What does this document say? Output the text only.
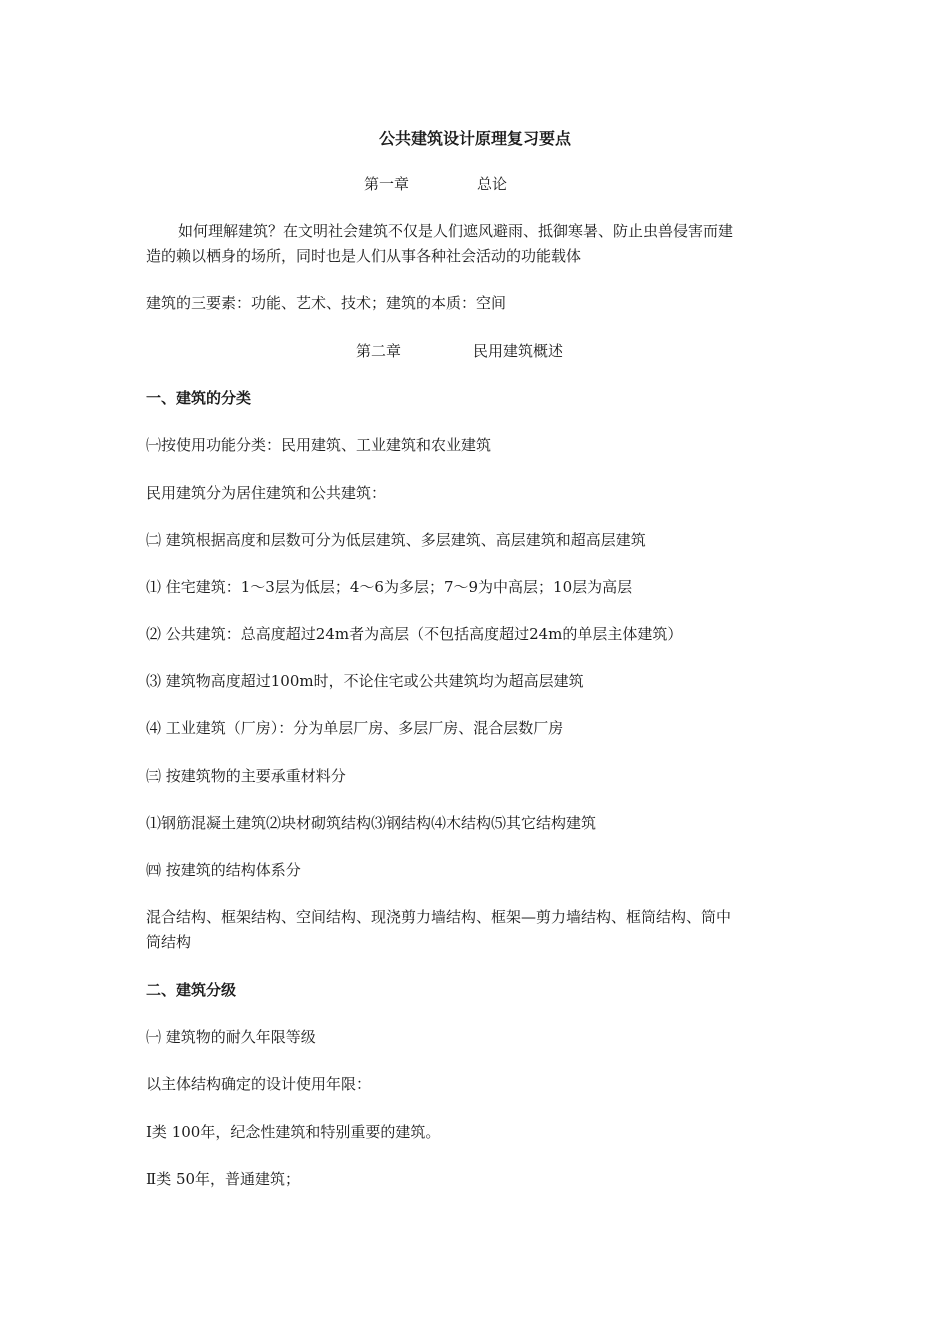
公共建筑设计原理复习要点
第一章	总论
如何理解建筑？在文明社会建筑不仅是人们遮风避雨、抵御寒暑、防止虫兽侵害而建
造的赖以栖身的场所，同时也是人们从事各种社会活动的功能载体
建筑的三要素：功能、艺术、技术；建筑的本质：空间
第二章	民用建筑概述
一、建筑的分类
㈠按使用功能分类：民用建筑、工业建筑和农业建筑
民用建筑分为居住建筑和公共建筑：
㈡ 建筑根据高度和层数可分为低层建筑、多层建筑、高层建筑和超高层建筑
⑴ 住宅建筑：1～3层为低层；4～6为多层；7～9为中高层；10层为高层
⑵ 公共建筑：总高度超过24m者为高层（不包括高度超过24m的单层主体建筑）
⑶ 建筑物高度超过100m时，不论住宅或公共建筑均为超高层建筑
⑷ 工业建筑（厂房）：分为单层厂房、多层厂房、混合层数厂房
㈢ 按建筑物的主要承重材料分
⑴钢筋混凝土建筑⑵块材砌筑结构⑶钢结构⑷木结构⑸其它结构建筑
㈣ 按建筑的结构体系分
混合结构、框架结构、空间结构、现浇剪力墙结构、框架—剪力墙结构、框筒结构、筒中
筒结构
二、建筑分级
㈠ 建筑物的耐久年限等级
以主体结构确定的设计使用年限：
Ⅰ类 100年，纪念性建筑和特别重要的建筑。
Ⅱ类 50年，普通建筑；
